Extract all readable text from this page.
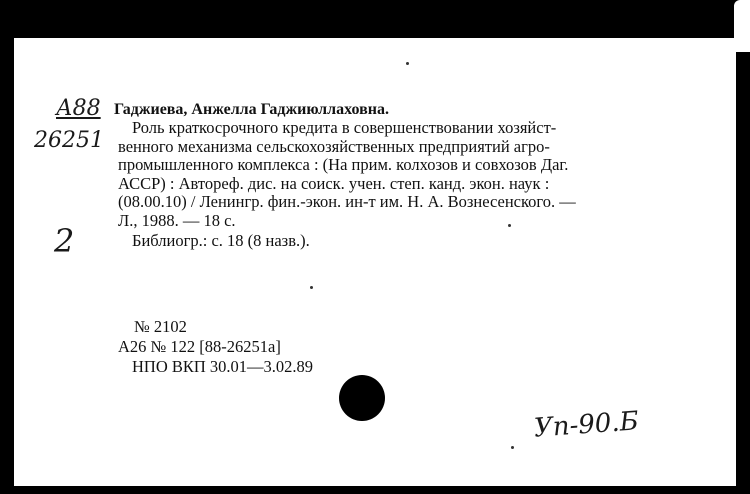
А88
26251
2
Гаджиева, Анжелла Гаджиюллаховна.
Роль краткосрочного кредита в совершенствовании хозяйст-
венного механизма сельскохозяйственных предприятий агро-
промышленного комплекса : (На прим. колхозов и совхозов Даг.
АССР) : Автореф. дис. на соиск. учен. степ. канд. экон. наук :
(08.00.10) / Ленингр. фин.-экон. ин-т им. Н. А. Вознесенского. —
Л., 1988. — 18 с.
Библиогр.: с. 18 (8 назв.).
№ 2102
А26 № 122 [88-26251а]
НПО ВКП 30.01—3.02.89
Уп-90.Б
